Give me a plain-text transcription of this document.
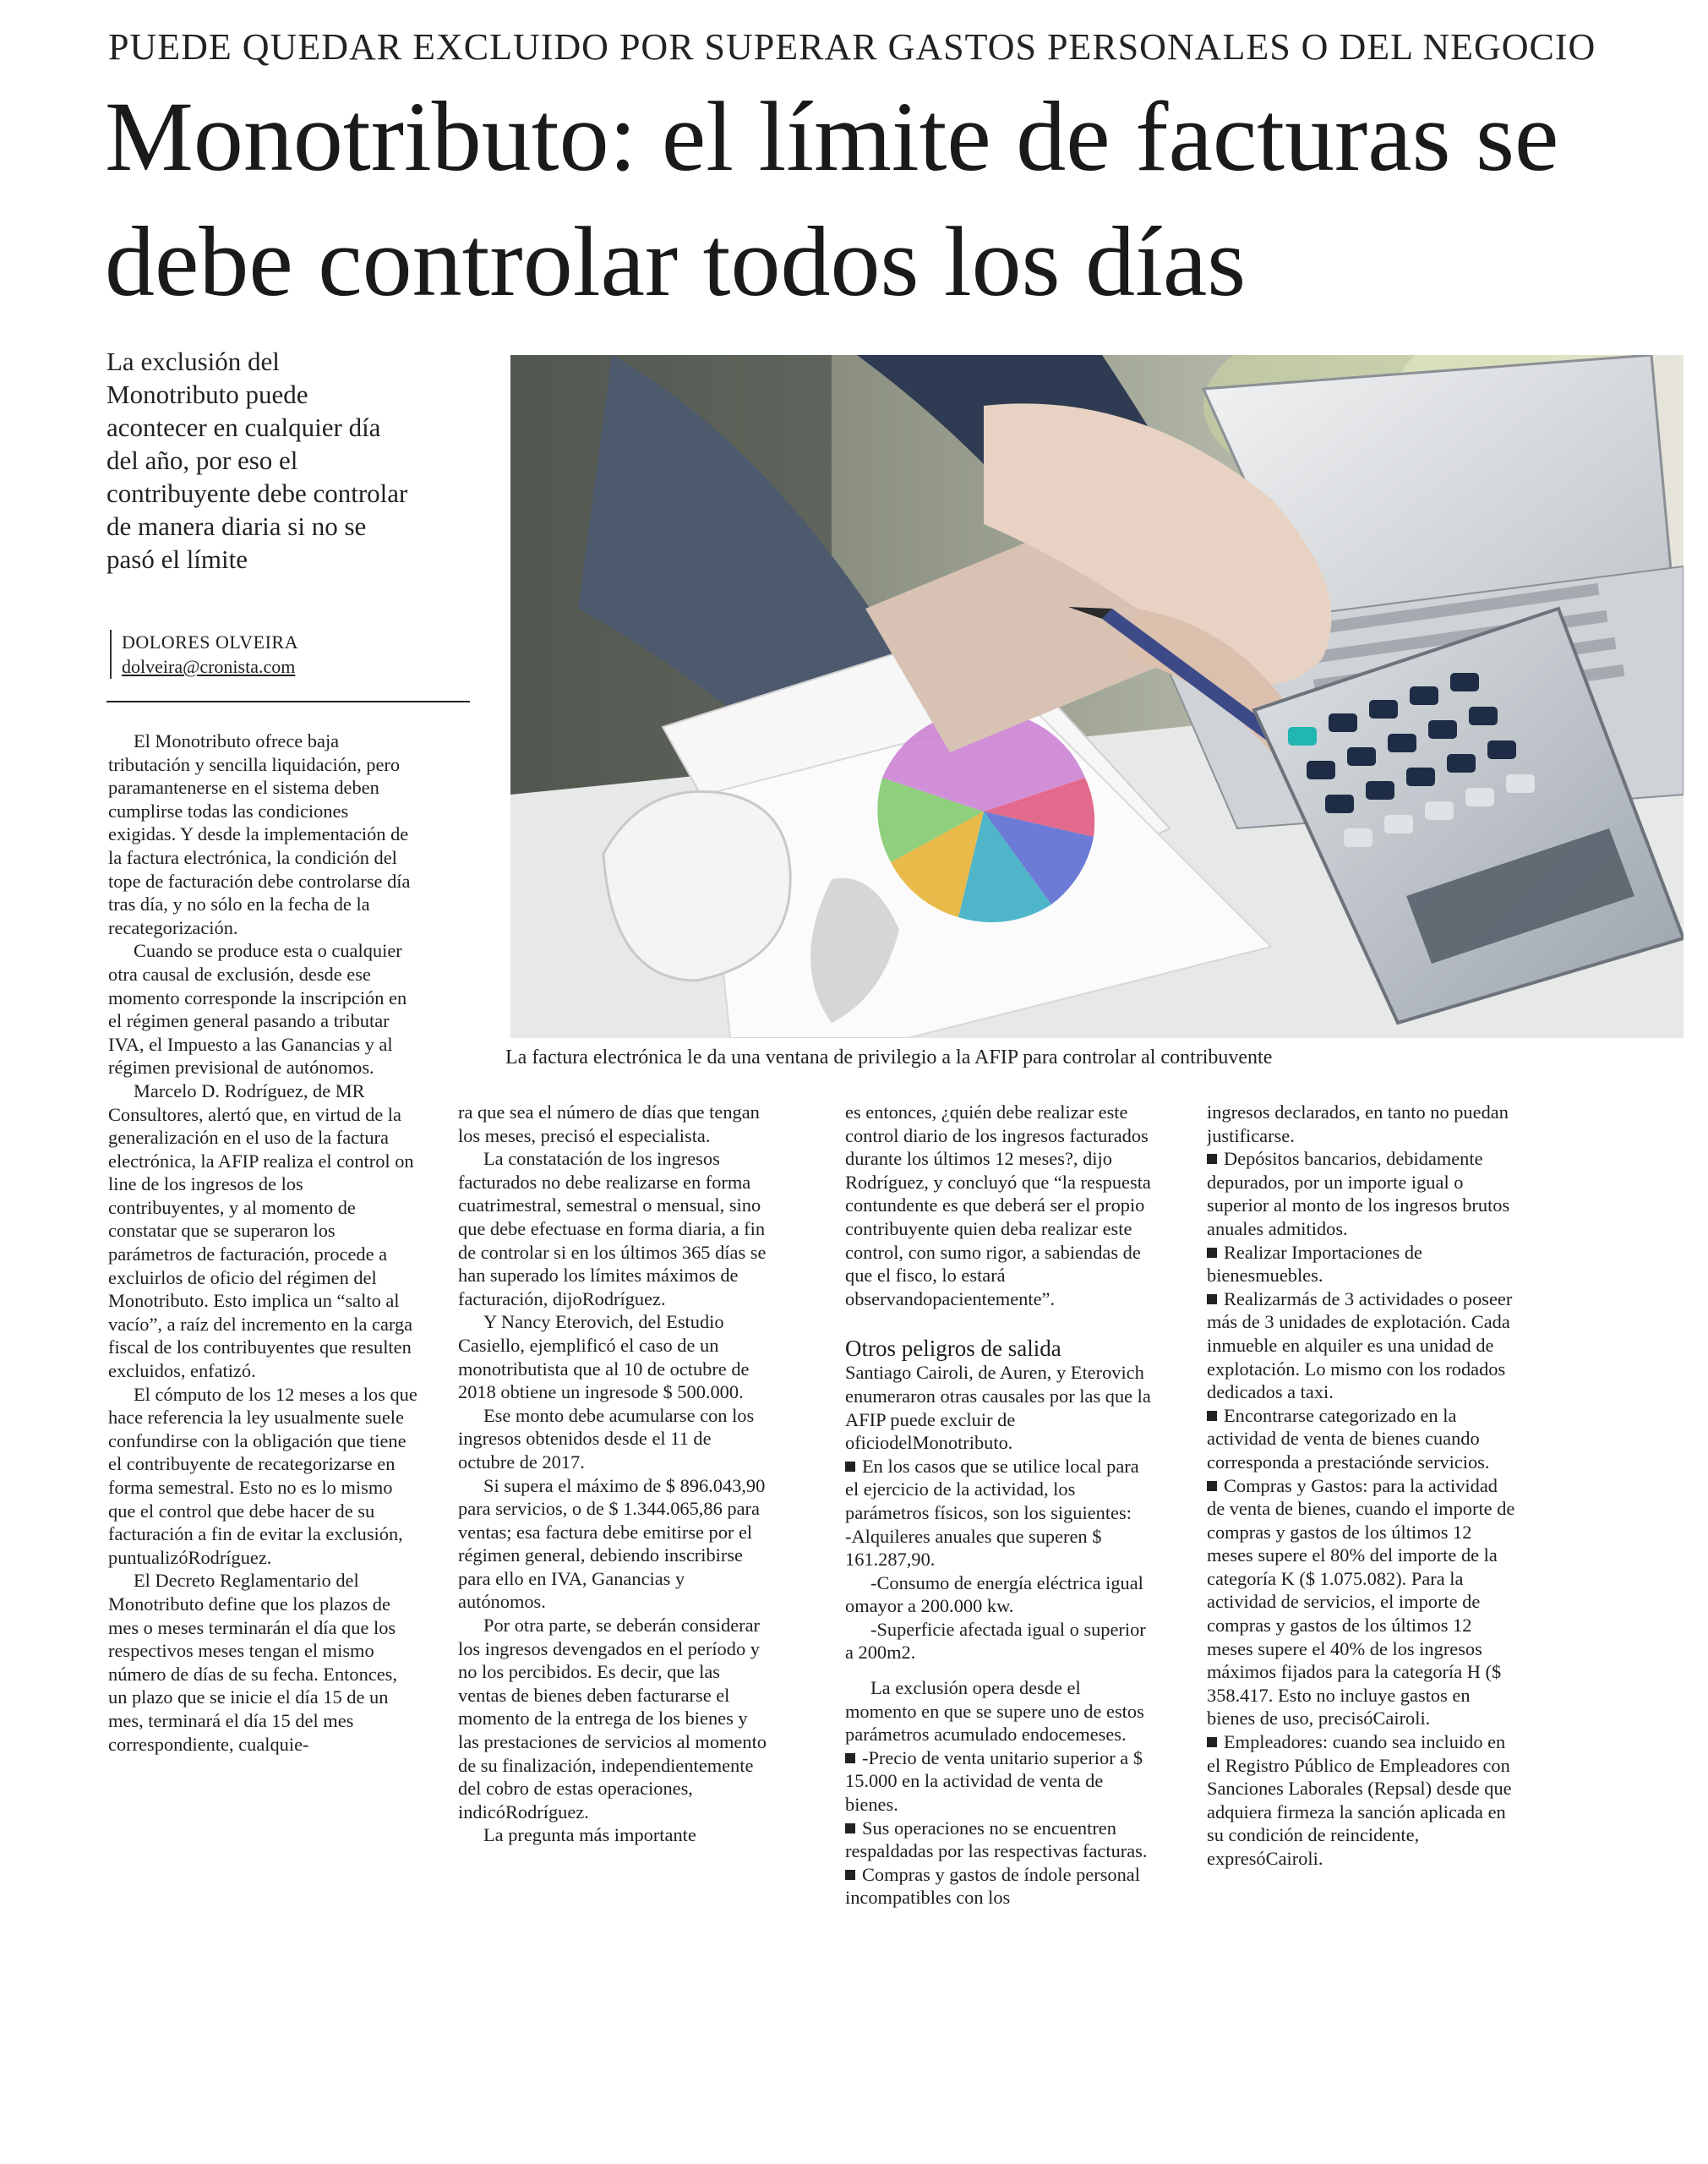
PUEDE QUEDAR EXCLUIDO POR SUPERAR GASTOS PERSONALES O DEL NEGOCIO
Monotributo: el límite de facturas se debe controlar todos los días
La exclusión del Monotributo puede acontecer en cualquier día del año, por eso el contribuyente debe controlar de manera diaria si no se pasó el límite
DOLORES OLVEIRA
dolveira@cronista.com
La factura electrónica le da una ventana de privilegio a la AFIP para controlar al contribuvente

El Monotributo ofrece baja tributación y sencilla liquidación, pero paramantenerse en el sistema deben cumplirse todas las condiciones exigidas. Y desde la implementación de la factura electrónica, la condición del tope de facturación debe controlarse día tras día, y no sólo en la fecha de la recategorización.

Cuando se produce esta o cualquier otra causal de exclusión, desde ese momento corresponde la inscripción en el régimen general pasando a tributar IVA, el Impuesto a las Ganancias y al régimen previsional de autónomos.

Marcelo D. Rodríguez, de MR Consultores, alertó que, en virtud de la generalización en el uso de la factura electrónica, la AFIP realiza el control on line de los ingresos de los contribuyentes, y al momento de constatar que se superaron los parámetros de facturación, procede a excluirlos de oficio del régimen del Monotributo. Esto implica un “salto al vacío”, a raíz del incremento en la carga fiscal de los contribuyentes que resulten excluidos, enfatizó.

El cómputo de los 12 meses a los que hace referencia la ley usualmente suele confundirse con la obligación que tiene el contribuyente de recategorizarse en forma semestral. Esto no es lo mismo que el control que debe hacer de su facturación a fin de evitar la exclusión, puntualizóRodríguez.

El Decreto Reglamentario del Monotributo define que los plazos de mes o meses terminarán el día que los respectivos meses tengan el mismo número de días de su fecha. Entonces, un plazo que se inicie el día 15 de un mes, terminará el día 15 del mes correspondiente, cualquie-

ra que sea el número de días que tengan los meses, precisó el especialista.

La constatación de los ingresos facturados no debe realizarse en forma cuatrimestral, semestral o mensual, sino que debe efectuase en forma diaria, a fin de controlar si en los últimos 365 días se han superado los límites máximos de facturación, dijoRodríguez.

Y Nancy Eterovich, del Estudio Casiello, ejemplificó el caso de un monotributista que al 10 de octubre de 2018 obtiene un ingresode $ 500.000.

Ese monto debe acumularse con los ingresos obtenidos desde el 11 de octubre de 2017.

Si supera el máximo de $ 896.043,90 para servicios, o de $ 1.344.065,86 para ventas; esa factura debe emitirse por el régimen general, debiendo inscribirse para ello en IVA, Ganancias y autónomos.

Por otra parte, se deberán considerar los ingresos devengados en el período y no los percibidos. Es decir, que las ventas de bienes deben facturarse el momento de la entrega de los bienes y las prestaciones de servicios al momento de su finalización, independientemente del cobro de estas operaciones, indicóRodríguez.

La pregunta más importante

es entonces, ¿quién debe realizar este control diario de los ingresos facturados durante los últimos 12 meses?, dijo Rodríguez, y concluyó que “la respuesta contundente es que deberá ser el propio contribuyente quien deba realizar este control, con sumo rigor, a sabiendas de que el fisco, lo estará observandopacientemente”.

Otros peligros de salida

Santiago Cairoli, de Auren, y Eterovich enumeraron otras causales por las que la AFIP puede excluir de oficiodelMonotributo.

En los casos que se utilice local para el ejercicio de la actividad, los parámetros físicos, son los siguientes:

-Alquileres anuales que superen $ 161.287,90.

-Consumo de energía eléctrica igual omayor a 200.000 kw.

-Superficie afectada igual o superior a 200m2.

La exclusión opera desde el momento en que se supere uno de estos parámetros acumulado endocemeses.

-Precio de venta unitario superior a $ 15.000 en la actividad de venta de bienes.

Sus operaciones no se encuentren respaldadas por las respectivas facturas.

Compras y gastos de índole personal incompatibles con los

ingresos declarados, en tanto no puedan justificarse.

Depósitos bancarios, debidamente depurados, por un importe igual o superior al monto de los ingresos brutos anuales admitidos.

Realizar Importaciones de bienesmuebles.

Realizarmás de 3 actividades o poseer más de 3 unidades de explotación. Cada inmueble en alquiler es una unidad de explotación. Lo mismo con los rodados dedicados a taxi.

Encontrarse categorizado en la actividad de venta de bienes cuando corresponda a prestaciónde servicios.

Compras y Gastos: para la actividad de venta de bienes, cuando el importe de compras y gastos de los últimos 12 meses supere el 80% del importe de la categoría K ($ 1.075.082). Para la actividad de servicios, el importe de compras y gastos de los últimos 12 meses supere el 40% de los ingresos máximos fijados para la categoría H ($ 358.417. Esto no incluye gastos en bienes de uso, precisóCairoli.

Empleadores: cuando sea incluido en el Registro Público de Empleadores con Sanciones Laborales (Repsal) desde que adquiera firmeza la sanción aplicada en su condición de reincidente, expresóCairoli.
